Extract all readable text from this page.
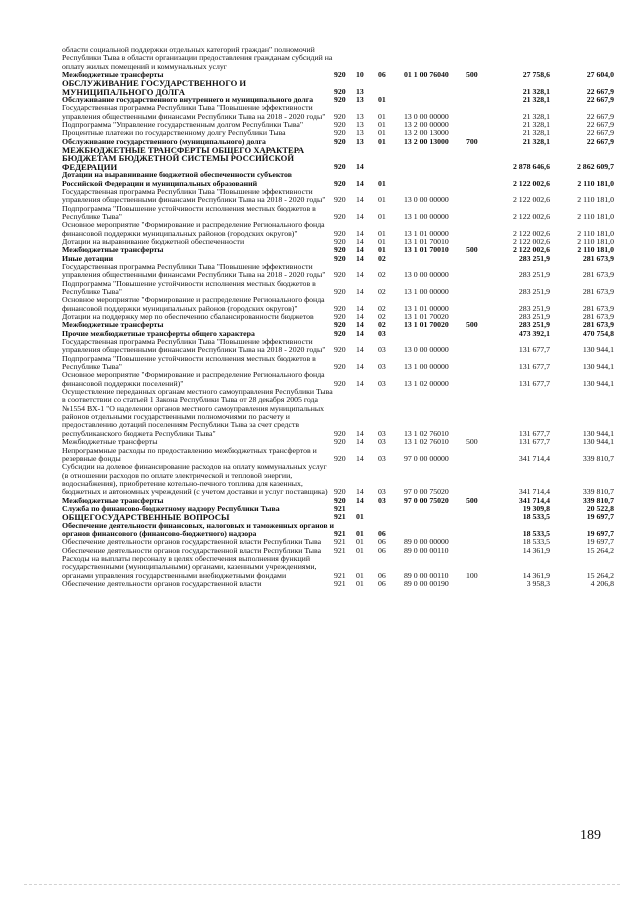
области социальной поддержки отдельных категорий граждан" полномочий Республики Тыва в области организации предоставления гражданам субсидий на оплату жилых помещений и коммунальных услуг							
Межбюджетные трансферты	920	10	06	01 1 00 76040	500	27 758,6	27 604,0
ОБСЛУЖИВАНИЕ ГОСУДАРСТВЕННОГО И МУНИЦИПАЛЬНОГО ДОЛГА	920	13				21 328,1	22 667,9
Обслуживание государственного внутреннего и муниципального долга	920	13	01			21 328,1	22 667,9
Государственная программа Республики Тыва "Повышение эффективности управления общественными финансами Республики Тыва на 2018 - 2020 годы"	920	13	01	13 0 00 00000		21 328,1	22 667,9
Подпрограмма "Управление государственным долгом Республики Тыва"	920	13	01	13 2 00 00000		21 328,1	22 667,9
Процентные платежи по государственному долгу Республики Тыва	920	13	01	13 2 00 13000		21 328,1	22 667,9
Обслуживание государственного (муниципального) долга	920	13	01	13 2 00 13000	700	21 328,1	22 667,9
МЕЖБЮДЖЕТНЫЕ ТРАНСФЕРТЫ ОБЩЕГО ХАРАКТЕРА БЮДЖЕТАМ БЮДЖЕТНОЙ СИСТЕМЫ РОССИЙСКОЙ ФЕДЕРАЦИИ	920	14				2 878 646,6	2 862 609,7
Дотации на выравнивание бюджетной обеспеченности субъектов Российской Федерации и муниципальных образований	920	14	01			2 122 002,6	2 110 181,0
Государственная программа Республики Тыва "Повышение эффективности управления общественными финансами Республики Тыва на 2018 - 2020 годы"	920	14	01	13 0 00 00000		2 122 002,6	2 110 181,0
Подпрограмма "Повышение устойчивости исполнения местных бюджетов в Республике Тыва"	920	14	01	13 1 00 00000		2 122 002,6	2 110 181,0
Основное мероприятие "Формирование и распределение Регионального фонда финансовой поддержки муниципальных районов (городских округов)"	920	14	01	13 1 01 00000		2 122 002,6	2 110 181,0
Дотации на выравнивание бюджетной обеспеченности	920	14	01	13 1 01 70010		2 122 002,6	2 110 181,0
Межбюджетные трансферты	920	14	01	13 1 01 70010	500	2 122 002,6	2 110 181,0
Иные дотации	920	14	02			283 251,9	281 673,9
Государственная программа Республики Тыва "Повышение эффективности управления общественными финансами Республики Тыва на 2018 - 2020 годы"	920	14	02	13 0 00 00000		283 251,9	281 673,9
Подпрограмма "Повышение устойчивости исполнения местных бюджетов в Республике Тыва"	920	14	02	13 1 00 00000		283 251,9	281 673,9
Основное мероприятие "Формирование и распределение Регионального фонда финансовой поддержки муниципальных районов (городских округов)"	920	14	02	13 1 01 00000		283 251,9	281 673,9
Дотации на поддержку мер по обеспечению сбалансированности бюджетов	920	14	02	13 1 01 70020		283 251,9	281 673,9
Межбюджетные трансферты	920	14	02	13 1 01 70020	500	283 251,9	281 673,9
Прочие межбюджетные трансферты общего характера	920	14	03			473 392,1	470 754,8
Государственная программа Республики Тыва "Повышение эффективности управления общественными финансами Республики Тыва на 2018 - 2020 годы"	920	14	03	13 0 00 00000		131 677,7	130 944,1
Подпрограмма "Повышение устойчивости исполнения местных бюджетов в Республике Тыва"	920	14	03	13 1 00 00000		131 677,7	130 944,1
Основное мероприятие "Формирование и распределение Регионального фонда финансовой поддержки поселений)"	920	14	03	13 1 02 00000		131 677,7	130 944,1
Осуществление переданных органам местного самоуправления Республики Тыва в соответствии со статьей 1 Закона Республики Тыва от 28 декабря 2005 года №1554 ВХ-1 "О наделении органов местного самоуправления муниципальных районов отдельными государственными полномочиями по расчету и предоставлению дотаций поселениям Республики Тыва за счет средств республиканского бюджета Республики Тыва"	920	14	03	13 1 02 76010		131 677,7	130 944,1
Межбюджетные трансферты	920	14	03	13 1 02 76010	500	131 677,7	130 944,1
Непрограммные расходы по предоставлению межбюджетных трансфертов и резервные фонды	920	14	03	97 0 00 00000		341 714,4	339 810,7
Субсидии на долевое финансирование расходов на оплату коммунальных услуг (в отношении расходов по оплате электрической и тепловой энергии, водоснабжения), приобретение котельно-печного топлива для казенных, бюджетных и автономных учреждений (с учетом доставки и услуг поставщика)	920	14	03	97 0 00 75020		341 714,4	339 810,7
Межбюджетные трансферты	920	14	03	97 0 00 75020	500	341 714,4	339 810,7
Служба по финансово-бюджетному надзору Республики Тыва	921					19 309,8	20 522,8
ОБЩЕГОСУДАРСТВЕННЫЕ ВОПРОСЫ	921	01				18 533,5	19 697,7
Обеспечение деятельности финансовых, налоговых и таможенных органов и органов финансового (финансово-бюджетного) надзора	921	01	06			18 533,5	19 697,7
Обеспечение деятельности органов государственной власти Республики Тыва	921	01	06	89 0 00 00000		18 533,5	19 697,7
Обеспечение деятельности органов государственной власти Республики Тыва	921	01	06	89 0 00 00110		14 361,9	15 264,2
Расходы на выплаты персоналу в целях обеспечения выполнения функций государственными (муниципальными) органами, казенными учреждениями, органами управления государственными внебюджетными фондами	921	01	06	89 0 00 00110	100	14 361,9	15 264,2
Обеспечение деятельности органов государственной власти	921	01	06	89 0 00 00190		3 958,3	4 206,8
189
